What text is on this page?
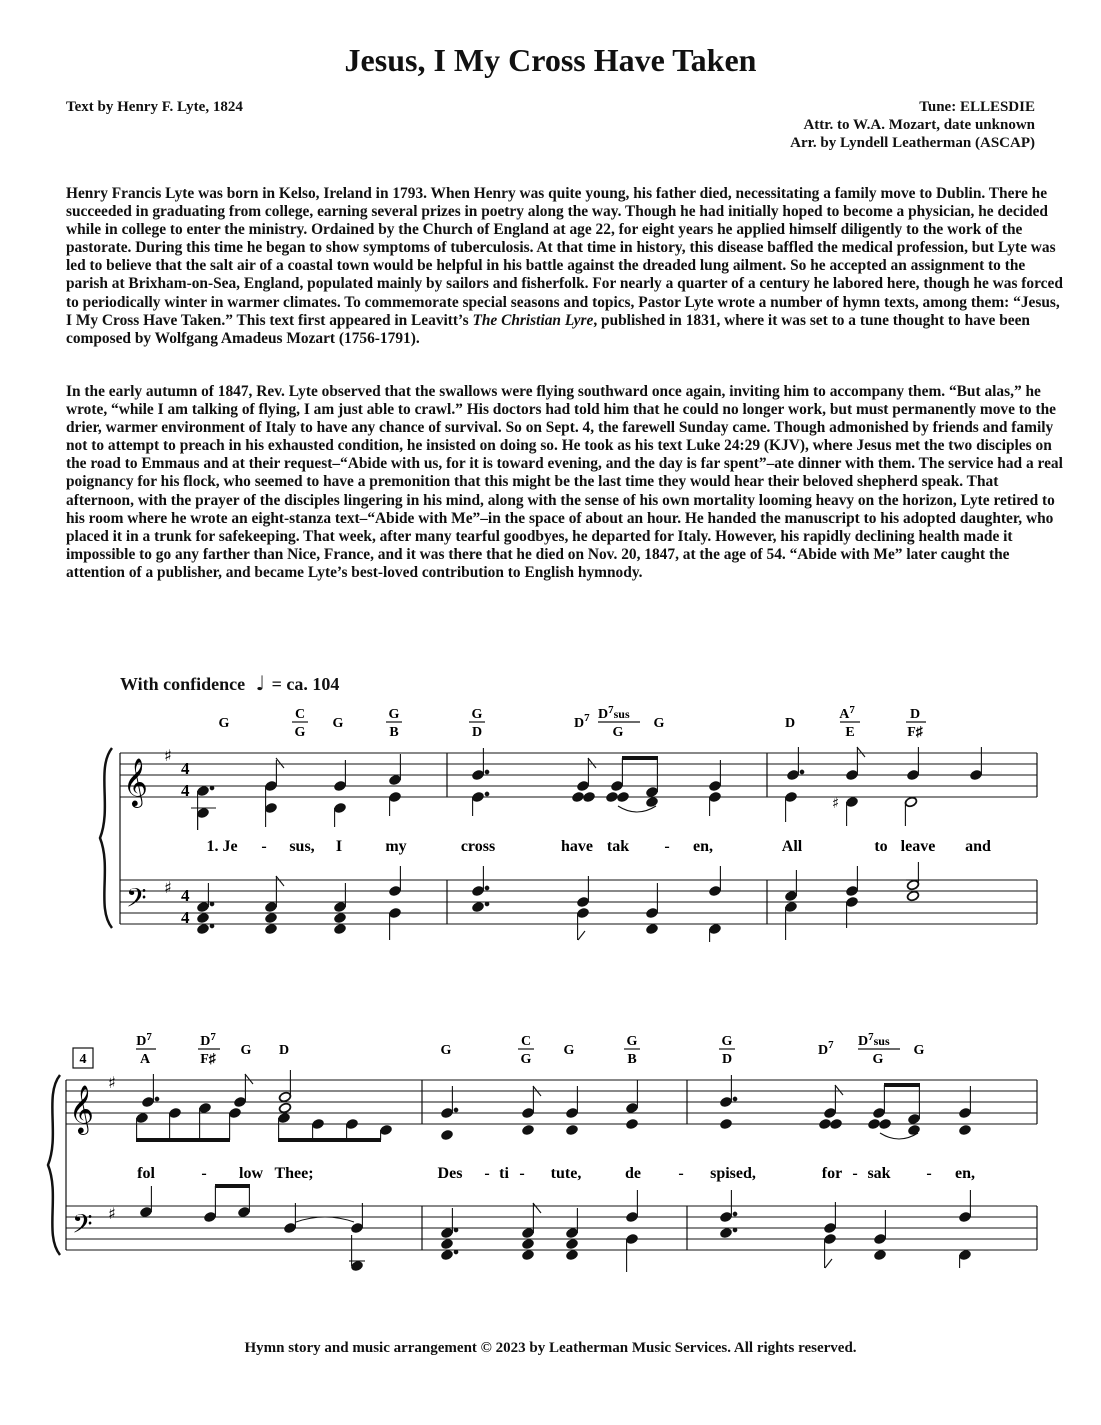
Jesus, I My Cross Have Taken
Text by Henry F. Lyte, 1824	Tune: ELLESDIE
Attr. to W.A. Mozart, date unknown
Arr. by Lyndell Leatherman (ASCAP)

Henry Francis Lyte was born in Kelso, Ireland in 1793. When Henry was quite young, his father died, necessitating a family move to Dublin. There he succeeded in graduating from college, earning several prizes in poetry along the way. Though he had initially hoped to become a physician, he decided while in college to enter the ministry. Ordained by the Church of England at age 22, for eight years he applied himself diligently to the work of the pastorate. During this time he began to show symptoms of tuberculosis. At that time in history, this disease baffled the medical profession, but Lyte was led to believe that the salt air of a coastal town would be helpful in his battle against the dreaded lung ailment. So he accepted an assignment to the parish at Brixham-on-Sea, England, populated mainly by sailors and fisherfolk. For nearly a quarter of a century he labored here, though he was forced to periodically winter in warmer climates. To commemorate special seasons and topics, Pastor Lyte wrote a number of hymn texts, among them: “Jesus, I My Cross Have Taken.” This text first appeared in Leavitt’s The Christian Lyre, published in 1831, where it was set to a tune thought to have been composed by Wolfgang Amadeus Mozart (1756-1791).

In the early autumn of 1847, Rev. Lyte observed that the swallows were flying southward once again, inviting him to accompany them. “But alas,” he wrote, “while I am talking of flying, I am just able to crawl.” His doctors had told him that he could no longer work, but must permanently move to the drier, warmer environment of Italy to have any chance of survival. So on Sept. 4, the farewell Sunday came. Though admonished by friends and family not to attempt to preach in his exhausted condition, he insisted on doing so. He took as his text Luke 24:29 (KJV), where Jesus met the two disciples on the road to Emmaus and at their request–“Abide with us, for it is toward evening, and the day is far spent”–ate dinner with them. The service had a real poignancy for his flock, who seemed to have a premonition that this might be the last time they would hear their beloved shepherd speak. That afternoon, with the prayer of the disciples lingering in his mind, along with the sense of his own mortality looming heavy on the horizon, Lyte retired to his room where he wrote an eight-stanza text–“Abide with Me”–in the space of about an hour. He handed the manuscript to his adopted daughter, who placed it in a trunk for safekeeping. That week, after many tearful goodbyes, he departed for Italy. However, his rapidly declining health made it impossible to go any farther than Nice, France, and it was there that he died on Nov. 20, 1847, at the age of 54. “Abide with Me” later caught the attention of a publisher, and became Lyte’s best-loved contribution to English hymnody.

With confidence ♩ = ca. 104
G
C
G
G
G
B
G
D
$D^7$ $D^7sus$
G
G	D
$A^7$
E
D
F♯
𝄞
𝄢
♯
♯
4
4
4
4
♯
1. Je - sus, I	my	cross	have tak - en,	All	to leave and
4
$D^7$
A
$D^7$
F♯
G D	G
C
G
G
G
B
G
D
$D^7$ $D^7sus$
G
G
𝄞
𝄢
♯
♯
fol	- low Thee;	Des - ti - tute,	de - spised,	for - sak - en,
Hymn story and music arrangement © 2023 by Leatherman Music Services. All rights reserved.
